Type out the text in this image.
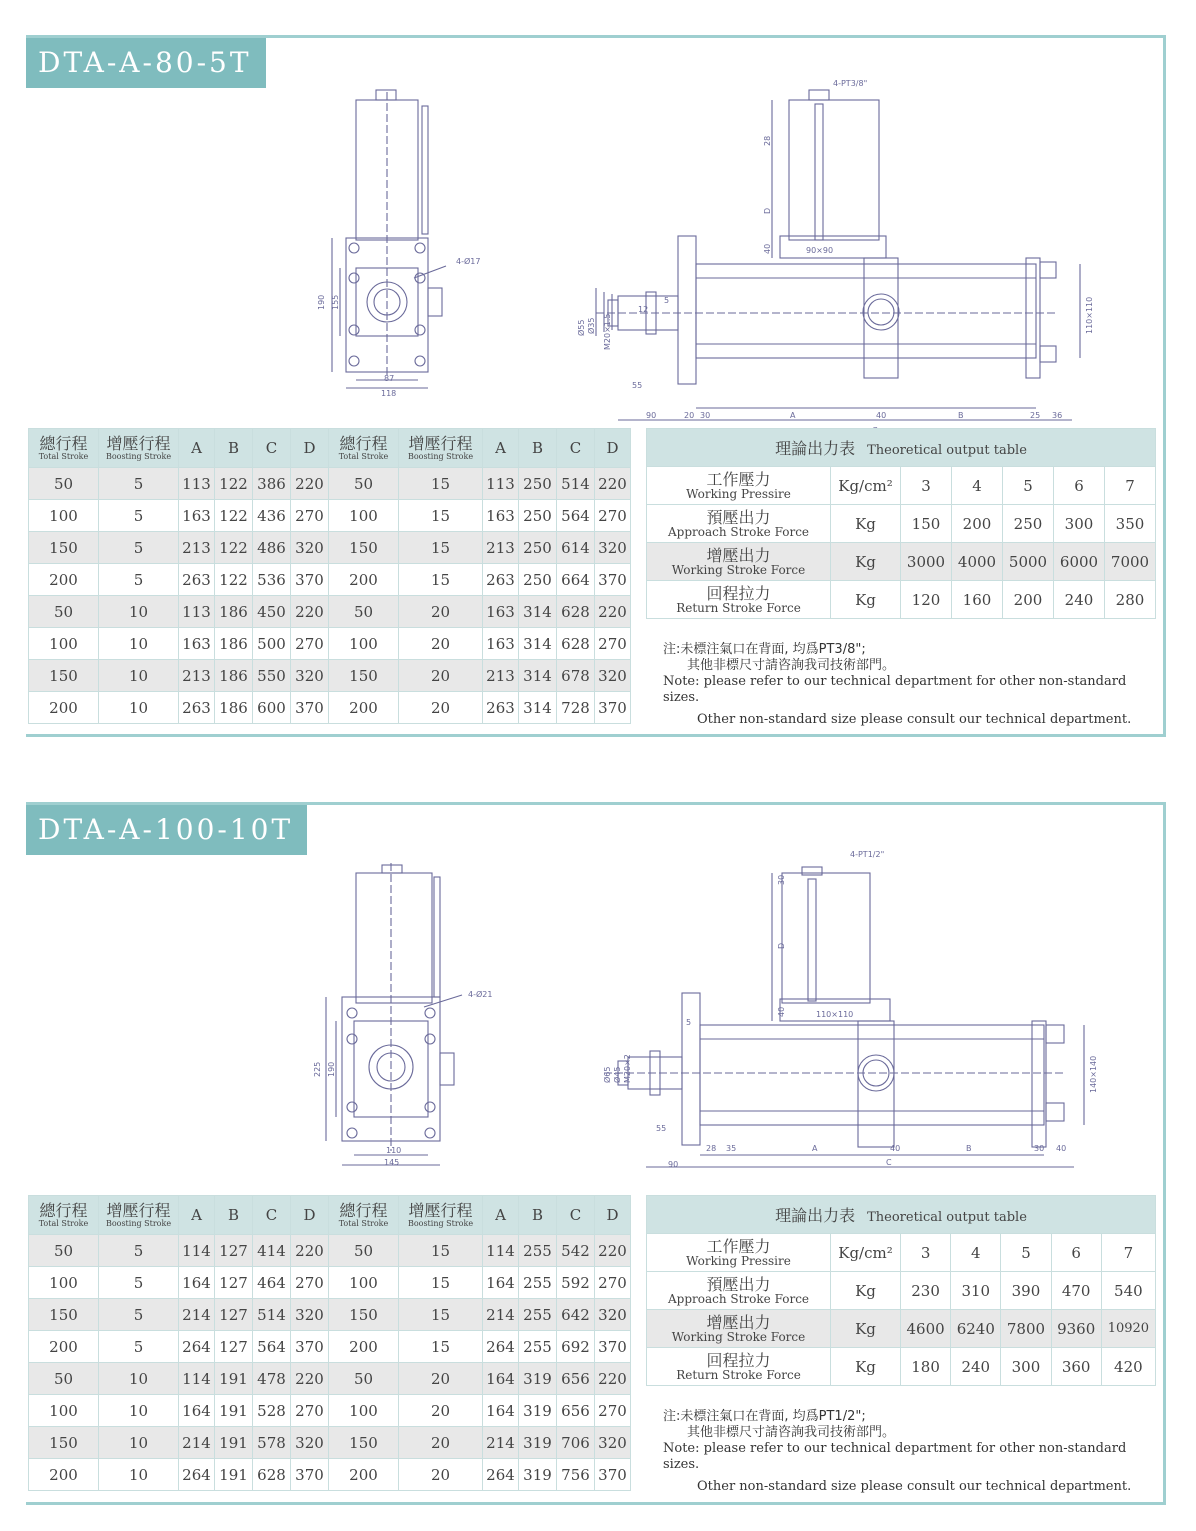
DTA-A-80-5T
4-Ø17
4-PT3/8"
87
118
190 155
28
D
40	90×90
5
12
Ø55 Ø35 M20×1.5
55
90	20 30	A	40	B	25 36
110×110
總行程
Total Stroke	增壓行程
Boosting Stroke	A	B	C	D	總行程
Total Stroke	增壓行程
Boosting Stroke	A	B	C	D
50	5	113	122	386	220	50	15	113	250	514	220
100	5	163	122	436	270	100	15	163	250	564	270
150	5	213	122	486	320	150	15	213	250	614	320
200	5	263	122	536	370	200	15	263	250	664	370
50	10	113	186	450	220	50	20	163	314	628	220
100	10	163	186	500	270	100	20	163	314	628	270
150	10	213	186	550	320	150	20	213	314	678	320
200	10	263	186	600	370	200	20	263	314	728	370
理論出力表 Theoretical output table						

工作壓力
Working Pressire	Kg/cm²	3	4	5	6	7

預壓出力
Approach Stroke Force	Kg	150	200	250	300	350

增壓出力
Working Stroke Force	Kg	3000	4000	5000	6000	7000

回程拉力
Return Stroke Force	Kg	120	160	200	240	280
注:未標注氣口在背面, 均爲PT3/8";
其他非標尺寸請咨詢我司技術部門。
Note: please refer to our technical department for other non-standard sizes.
Other non-standard size please consult our technical department.
DTA-A-100-10T
4-Ø21
4-PT1/2"
110
145
225 190
30
D
40	110×110
5
Ø65 Ø45 M20×2
55
90
28 35	A	40	B	30 40
C
140×140
總行程
Total Stroke	增壓行程
Boosting Stroke	A	B	C	D	總行程
Total Stroke	增壓行程
Boosting Stroke	A	B	C	D
50	5	114	127	414	220	50	15	114	255	542	220
100	5	164	127	464	270	100	15	164	255	592	270
150	5	214	127	514	320	150	15	214	255	642	320
200	5	264	127	564	370	200	15	264	255	692	370
50	10	114	191	478	220	50	20	164	319	656	220
100	10	164	191	528	270	100	20	164	319	656	270
150	10	214	191	578	320	150	20	214	319	706	320
200	10	264	191	628	370	200	20	264	319	756	370
理論出力表 Theoretical output table						

工作壓力
Working Pressire	Kg/cm²	3	4	5	6	7

預壓出力
Approach Stroke Force	Kg	230	310	390	470	540

增壓出力
Working Stroke Force	Kg	4600	6240	7800	9360	10920

回程拉力
Return Stroke Force	Kg	180	240	300	360	420
注:未標注氣口在背面, 均爲PT1/2";
其他非標尺寸請咨詢我司技術部門。
Note: please refer to our technical department for other non-standard sizes.
Other non-standard size please consult our technical department.
